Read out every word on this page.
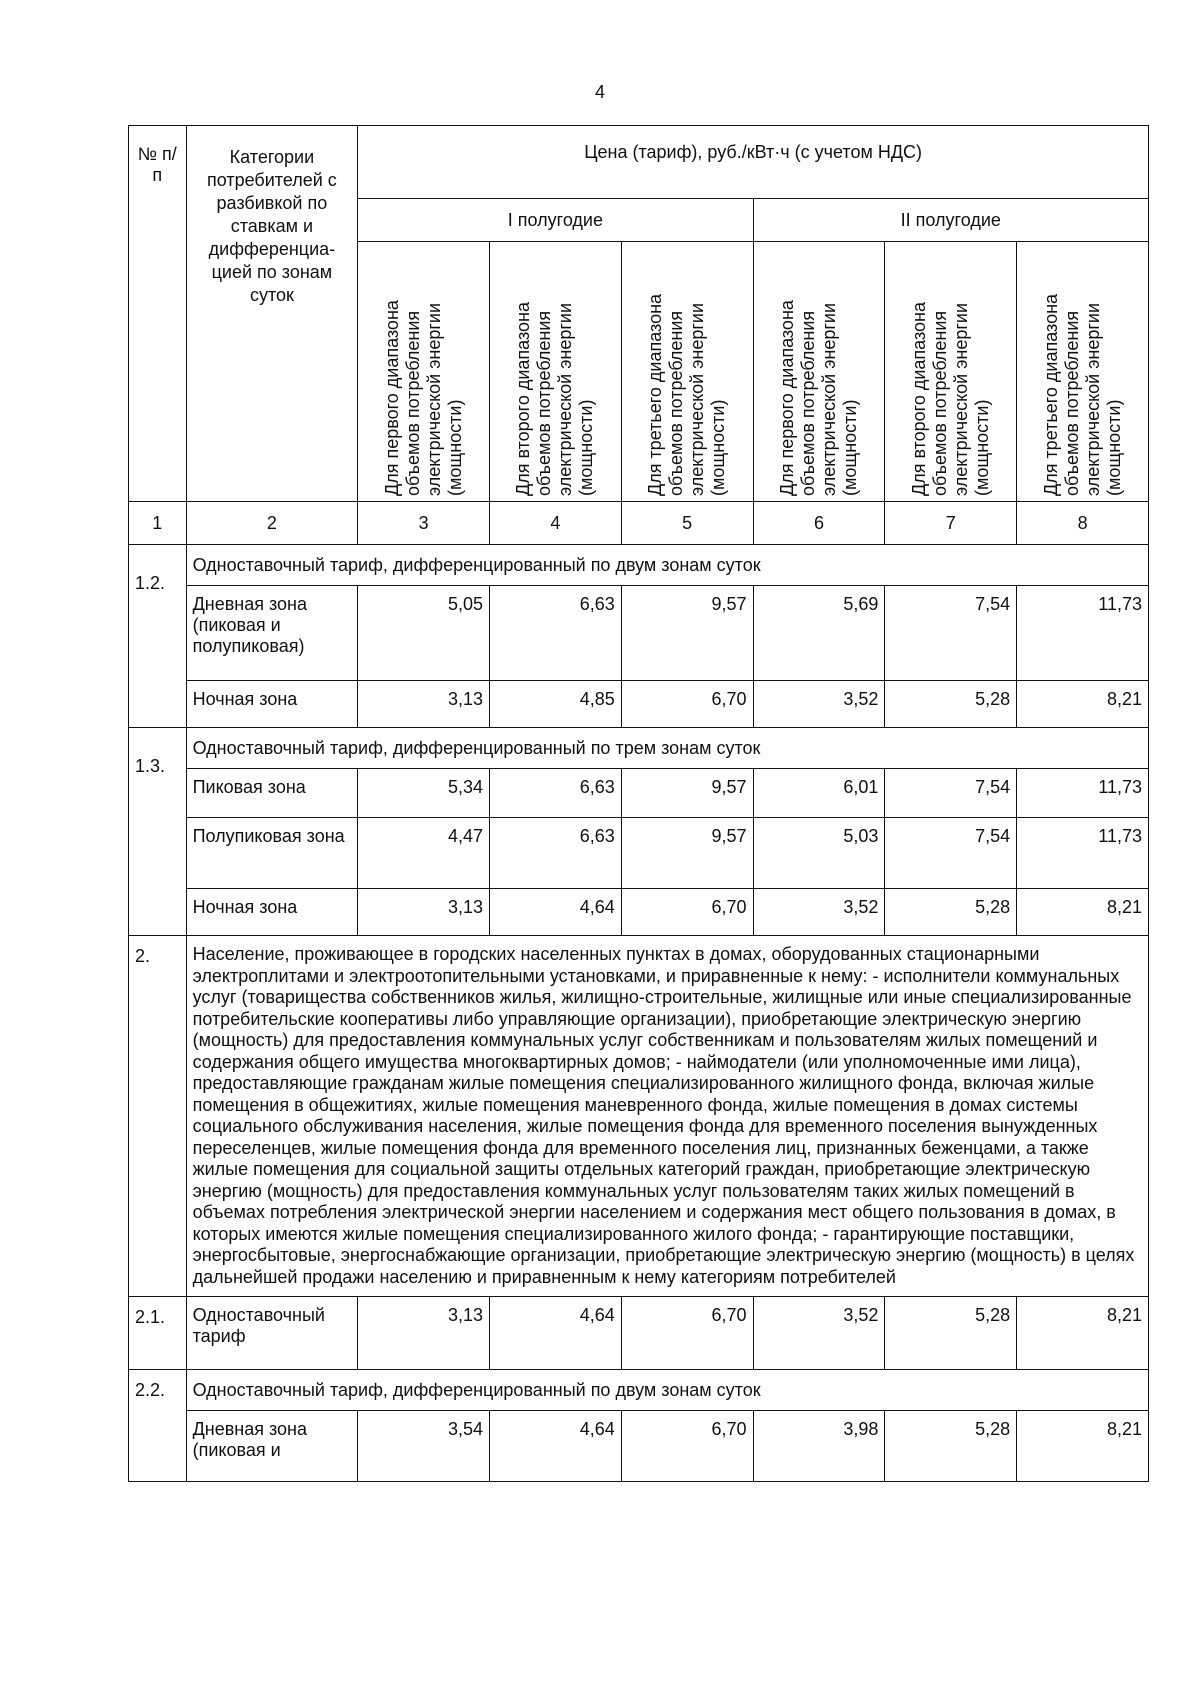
4
№ п/п	Категории потребителей с разбивкой по ставкам и дифференциа-цией по зонам суток	Цена (тариф), руб./кВт·ч (с учетом НДС)					
		I полугодие			II полугодие		

		Для первого диапазона объемов потребления электрической энергии (мощности)	Для второго диапазона объемов потребления электрической энергии (мощности)	Для третьего диапазона объемов потребления электрической энергии (мощности)	Для первого диапазона объемов потребления электрической энергии (мощности)	Для второго диапазона объемов потребления электрической энергии (мощности)	Для третьего диапазона объемов потребления электрической энергии (мощности)

1	2	3	4	5	6	7	8
1.2.	Одноставочный тариф, дифференцированный по двум зонам суток						
	Дневная зона (пиковая и полупиковая)	5,05	6,63	9,57	5,69	7,54	11,73
	Ночная зона	3,13	4,85	6,70	3,52	5,28	8,21
1.3.	Одноставочный тариф, дифференцированный по трем зонам суток						
	Пиковая зона	5,34	6,63	9,57	6,01	7,54	11,73
	Полупиковая зона	4,47	6,63	9,57	5,03	7,54	11,73
	Ночная зона	3,13	4,64	6,70	3,52	5,28	8,21
2.	Население, проживающее в городских населенных пунктах в домах, оборудованных стационарными электроплитами и электроотопительными установками, и приравненные к нему: - исполнители коммунальных услуг (товарищества собственников жилья, жилищно-строительные, жилищные или иные специализированные потребительские кооперативы либо управляющие организации), приобретающие электрическую энергию (мощность) для предоставления коммунальных услуг собственникам и пользователям жилых помещений и содержания общего имущества многоквартирных домов; - наймодатели (или уполномоченные ими лица), предоставляющие гражданам жилые помещения специализированного жилищного фонда, включая жилые помещения в общежитиях, жилые помещения маневренного фонда, жилые помещения в домах системы социального обслуживания населения, жилые помещения фонда для временного поселения вынужденных переселенцев, жилые помещения фонда для временного поселения лиц, признанных беженцами, а также жилые помещения для социальной защиты отдельных категорий граждан, приобретающие электрическую энергию (мощность) для предоставления коммунальных услуг пользователям таких жилых помещений в объемах потребления электрической энергии населением и содержания мест общего пользования в домах, в которых имеются жилые помещения специализированного жилого фонда; - гарантирующие поставщики, энергосбытовые, энергоснабжающие организации, приобретающие электрическую энергию (мощность) в целях дальнейшей продажи населению и приравненным к нему категориям потребителей						
2.1.	Одноставочный тариф	3,13	4,64	6,70	3,52	5,28	8,21
2.2.	Одноставочный тариф, дифференцированный по двум зонам суток						
	Дневная зона (пиковая и	3,54	4,64	6,70	3,98	5,28	8,21
